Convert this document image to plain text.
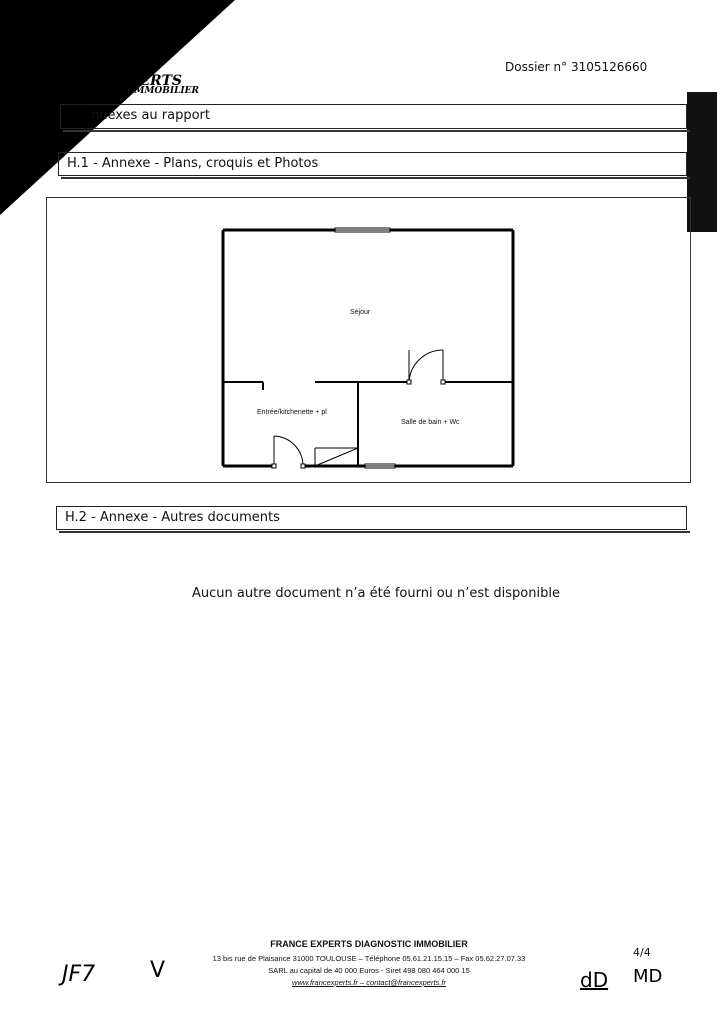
XPERTS
C IMMOBILIER
Dossier n° 3105126660
nnexes au rapport
H.1 - Annexe - Plans, croquis et Photos
Séjour
Entrée/kitchenette + pl
Salle de bain + Wc
H.2 - Annexe - Autres documents
Aucun autre document n’a été fourni ou n’est disponible
FRANCE EXPERTS DIAGNOSTIC IMMOBILIER
13 bis rue de Plaisance 31000 TOULOUSE – Téléphone 05.61.21.15.15 – Fax 05.62.27.07.33
SARL au capital de 40 000 Euros - Siret 498 080 464 000 15
www.francexperts.fr – contact@francexperts.fr
4/4
JF7 V	dD MD
